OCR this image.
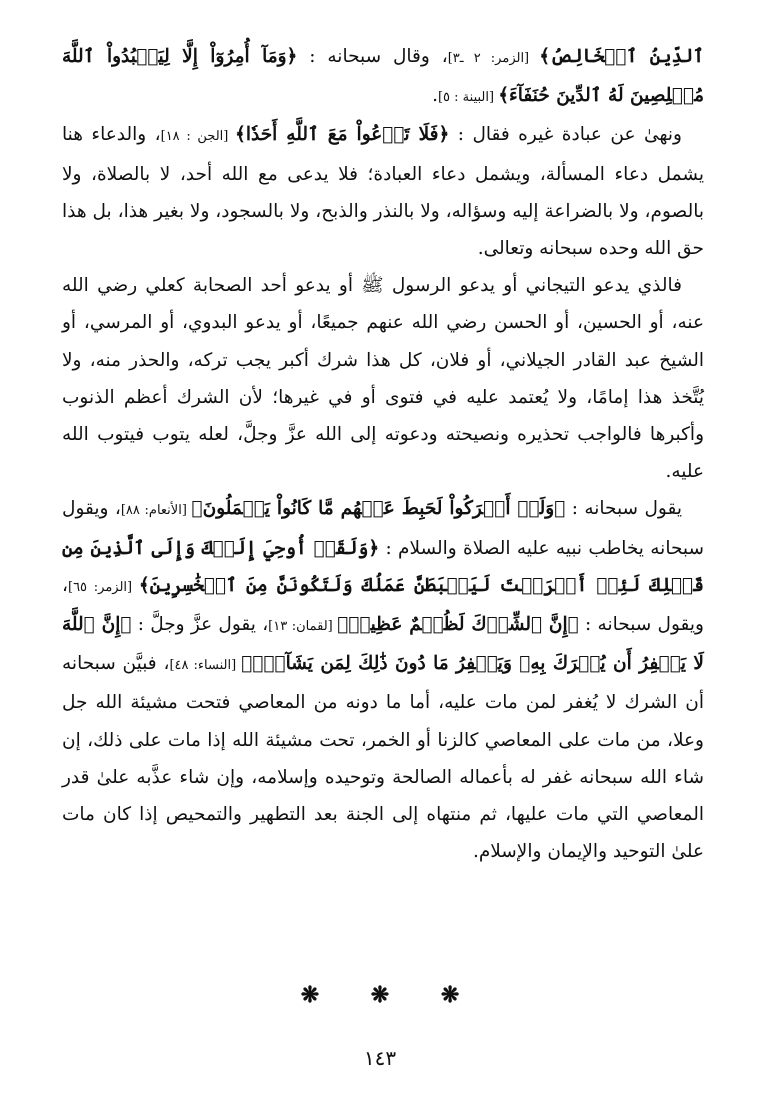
ٱلدِّينُ ٱلۡخَالِصُ﴾ [الزمر: ٢ ـ٣]، وقال سبحانه : ﴿وَمَآ أُمِرُوٓاْ إِلَّا لِيَعۡبُدُواْ ٱللَّهَ مُخۡلِصِينَ لَهُ ٱلدِّينَ حُنَفَآءَ﴾ [البينة : ٥].

ونهىٰ عن عبادة غيره فقال : ﴿فَلَا تَدۡعُواْ مَعَ ٱللَّهِ أَحَدٗا﴾ [الجن : ١٨]، والدعاء هنا يشمل دعاء المسألة، ويشمل دعاء العبادة؛ فلا يدعى مع الله أحد، لا بالصلاة، ولا بالصوم، ولا بالضراعة إليه وسؤاله، ولا بالنذر والذبح، ولا بالسجود، ولا بغير هذا، بل هذا حق الله وحده سبحانه وتعالى.

فالذي يدعو التيجاني أو يدعو الرسول ﷺ أو يدعو أحد الصحابة كعلي رضي الله عنه، أو الحسين، أو الحسن رضي الله عنهم جميعًا، أو يدعو البدوي، أو المرسي، أو الشيخ عبد القادر الجيلاني، أو فلان، كل هذا شرك أكبر يجب تركه، والحذر منه، ولا يُتَّخذ هذا إمامًا، ولا يُعتمد عليه في فتوى أو في غيرها؛ لأن الشرك أعظم الذنوب وأكبرها فالواجب تحذيره ونصيحته ودعوته إلى الله عزَّ وجلَّ، لعله يتوب فيتوب الله عليه.

يقول سبحانه : ﴿وَلَوۡ أَشۡرَكُواْ لَحَبِطَ عَنۡهُم مَّا كَانُواْ يَعۡمَلُونَ﴾ [الأنعام: ٨٨]، ويقول سبحانه يخاطب نبيه عليه الصلاة والسلام : ﴿وَلَقَدۡ أُوحِيَ إِلَيۡكَ وَإِلَى ٱلَّذِينَ مِن قَبۡلِكَ لَئِنۡ أَشۡرَكۡتَ لَيَحۡبَطَنَّ عَمَلُكَ وَلَتَكُونَنَّ مِنَ ٱلۡخَٰسِرِينَ﴾ [الزمر: ٦٥]، ويقول سبحانه : ﴿إِنَّ ٱلشِّرۡكَ لَظُلۡمٌ عَظِيمٞ﴾ [لقمان: ١٣]، يقول عزَّ وجلَّ : ﴿إِنَّ ٱللَّهَ لَا يَغۡفِرُ أَن يُشۡرَكَ بِهِۦ وَيَغۡفِرُ مَا دُونَ ذَٰلِكَ لِمَن يَشَآءُۚ﴾ [النساء: ٤٨]، فبيَّن سبحانه أن الشرك لا يُغفر لمن مات عليه، أما ما دونه من المعاصي فتحت مشيئة الله جل وعلا، من مات على المعاصي كالزنا أو الخمر، تحت مشيئة الله إذا مات على ذلك، إن شاء الله سبحانه غفر له بأعماله الصالحة وتوحيده وإسلامه، وإن شاء عذَّبه علىٰ قدر المعاصي التي مات عليها، ثم منتهاه إلى الجنة بعد التطهير والتمحيص إذا كان مات علىٰ التوحيد والإيمان والإسلام.

❋ ❋ ❋
١٤٣
